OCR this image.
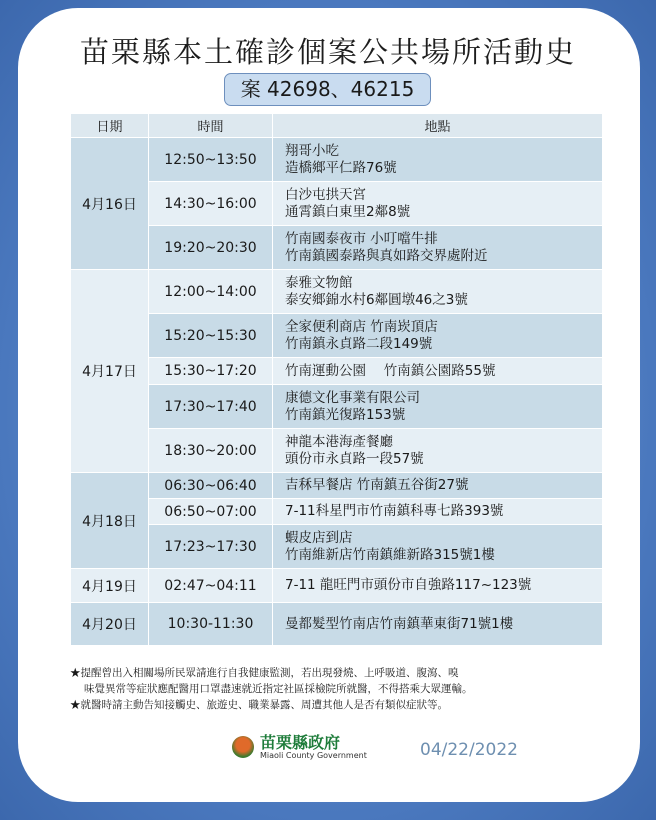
苗栗縣本土確診個案公共場所活動史
案 42698、46215
日期	時間	地點
4月16日	12:50~13:50	翔哥小吃
造橋鄉平仁路76號

	14:30~16:00	白沙屯拱天宮
通霄鎮白東里2鄰8號

	19:20~20:30	竹南國泰夜市 小叮噹牛排
竹南鎮國泰路與真如路交界處附近

4月17日	12:00~14:00	泰雅文物館
泰安鄉錦水村6鄰圓墩46之3號

	15:20~15:30	全家便利商店 竹南崁頂店
竹南鎮永貞路二段149號

	15:30~17:20	竹南運動公園　 竹南鎮公園路55號

	17:30~17:40	康德文化事業有限公司
竹南鎮光復路153號

	18:30~20:00	神龍本港海產餐廳
頭份市永貞路一段57號

4月18日	06:30~06:40	吉秝早餐店 竹南鎮五谷街27號

	06:50~07:00	7-11科星門市竹南鎮科專七路393號

	17:23~17:30	蝦皮店到店
竹南維新店竹南鎮維新路315號1樓

4月19日	02:47~04:11	7-11 龍旺門市頭份市自強路117~123號

4月20日	10:30-11:30	曼都髮型竹南店竹南鎮華東街71號1樓
★提醒曾出入相關場所民眾請進行自我健康監測，若出現發燒、上呼吸道、腹瀉、嗅
味覺異常等症狀應配醫用口罩盡速就近指定社區採檢院所就醫，不得搭乘大眾運輸。
★就醫時請主動告知接觸史、旅遊史、職業暴露、周遭其他人是否有類似症狀等。
苗栗縣政府
Miaoli County Government	04/22/2022
